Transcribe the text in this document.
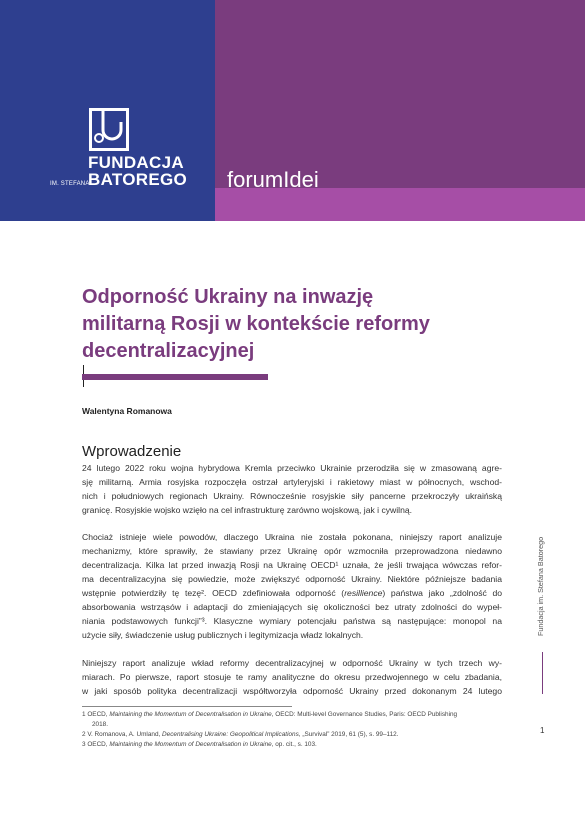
FUNDACJA
IM. STEFANA
BATOREGO forumIdei
Odporność Ukrainy na inwazję
militarną Rosji w kontekście reformy
decentralizacyjnej
Walentyna Romanowa
Wprowadzenie

24 lutego 2022 roku wojna hybrydowa Kremla przeciwko Ukrainie przerodziła się w zmasowaną agre-
sję militarną. Armia rosyjska rozpoczęła ostrzał artyleryjski i rakietowy miast w północnych, wschod-
nich i południowych regionach Ukrainy. Równocześnie rosyjskie siły pancerne przekroczyły ukraińską
granicę. Rosyjskie wojsko wzięło na cel infrastrukturę zarówno wojskową, jak i cywilną.

Chociaż istnieje wiele powodów, dlaczego Ukraina nie została pokonana, niniejszy raport analizuje
mechanizmy, które sprawiły, że stawiany przez Ukrainę opór wzmocniła przeprowadzona niedawno
decentralizacja. Kilka lat przed inwazją Rosji na Ukrainę OECD¹ uznała, że jeśli trwająca wówczas refor-
ma decentralizacyjna się powiedzie, może zwiększyć odporność Ukrainy. Niektóre późniejsze badania
wstępnie potwierdziły tę tezę². OECD zdefiniowała odporność (resillience) państwa jako „zdolność do
absorbowania wstrząsów i adaptacji do zmieniających się okoliczności bez utraty zdolności do wypeł-
niania podstawowych funkcji”³. Klasyczne wymiary potencjału państwa są następujące: monopol na
użycie siły, świadczenie usług publicznych i legitymizacja władz lokalnych.

Niniejszy raport analizuje wkład reformy decentralizacyjnej w odporność Ukrainy w tych trzech wy-
miarach. Po pierwsze, raport stosuje te ramy analityczne do okresu przedwojennego w celu zbadania,
w jaki sposób polityka decentralizacji współtworzyła odporność Ukrainy przed dokonanym 24 lutego

1 OECD, Maintaining the Momentum of Decentralisation in Ukraine, OECD: Multi-level Governance Studies, Paris: OECD Publishing
2018.

2 V. Romanova, A. Umland, Decentralising Ukraine: Geopolitical Implications, „Survival” 2019, 61 (5), s. 99–112.

3 OECD, Maintaining the Momentum of Decentralisation in Ukraine, op. cit., s. 103.

Fundacja im. Stefana Batorego
1
